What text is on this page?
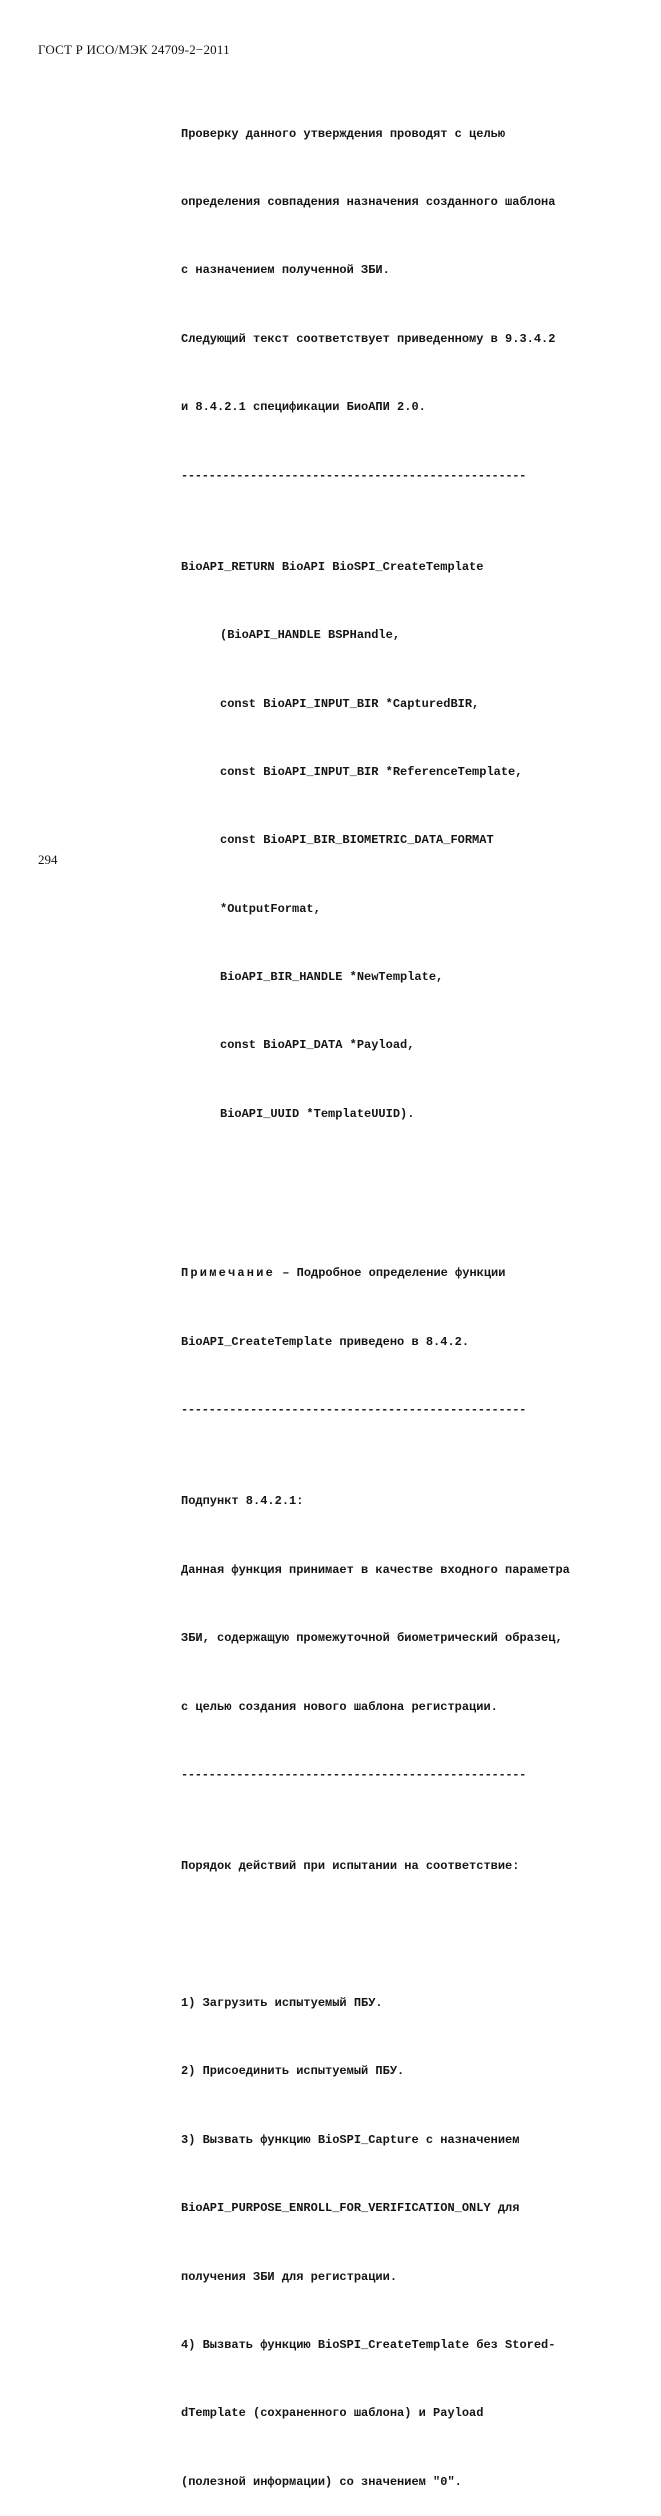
ГОСТ Р ИСО/МЭК 24709-2−2011

Проверку данного утверждения проводят с целью

определения совпадения назначения созданного шаблона

с назначением полученной ЗБИ.

Следующий текст соответствует приведенному в 9.3.4.2

и 8.4.2.1 спецификации БиоАПИ 2.0.

--------------------------------------------------

BioAPI_RETURN BioAPI BioSPI_CreateTemplate

(BioAPI_HANDLE BSPHandle,

const BioAPI_INPUT_BIR *CapturedBIR,

const BioAPI_INPUT_BIR *ReferenceTemplate,

const BioAPI_BIR_BIOMETRIC_DATA_FORMAT

*OutputFormat,

BioAPI_BIR_HANDLE *NewTemplate,

const BioAPI_DATA *Payload,

BioAPI_UUID *TemplateUUID).

Примечание – Подробное определение функции

BioAPI_CreateTemplate приведено в 8.4.2.

--------------------------------------------------

Подпункт 8.4.2.1:

Данная функция принимает в качестве входного параметра

ЗБИ, содержащую промежуточной биометрический образец,

с целью создания нового шаблона регистрации.

--------------------------------------------------

Порядок действий при испытании на соответствие:

1) Загрузить испытуемый ПБУ.

2) Присоединить испытуемый ПБУ.

3) Вызвать функцию BioSPI_Capture с назначением

BioAPI_PURPOSE_ENROLL_FOR_VERIFICATION_ONLY для

получения ЗБИ для регистрации.

4) Вызвать функцию BioSPI_CreateTemplate без Stored-

dTemplate (сохраненного шаблона) и Payload

(полезной информации) со значением "0".

294
